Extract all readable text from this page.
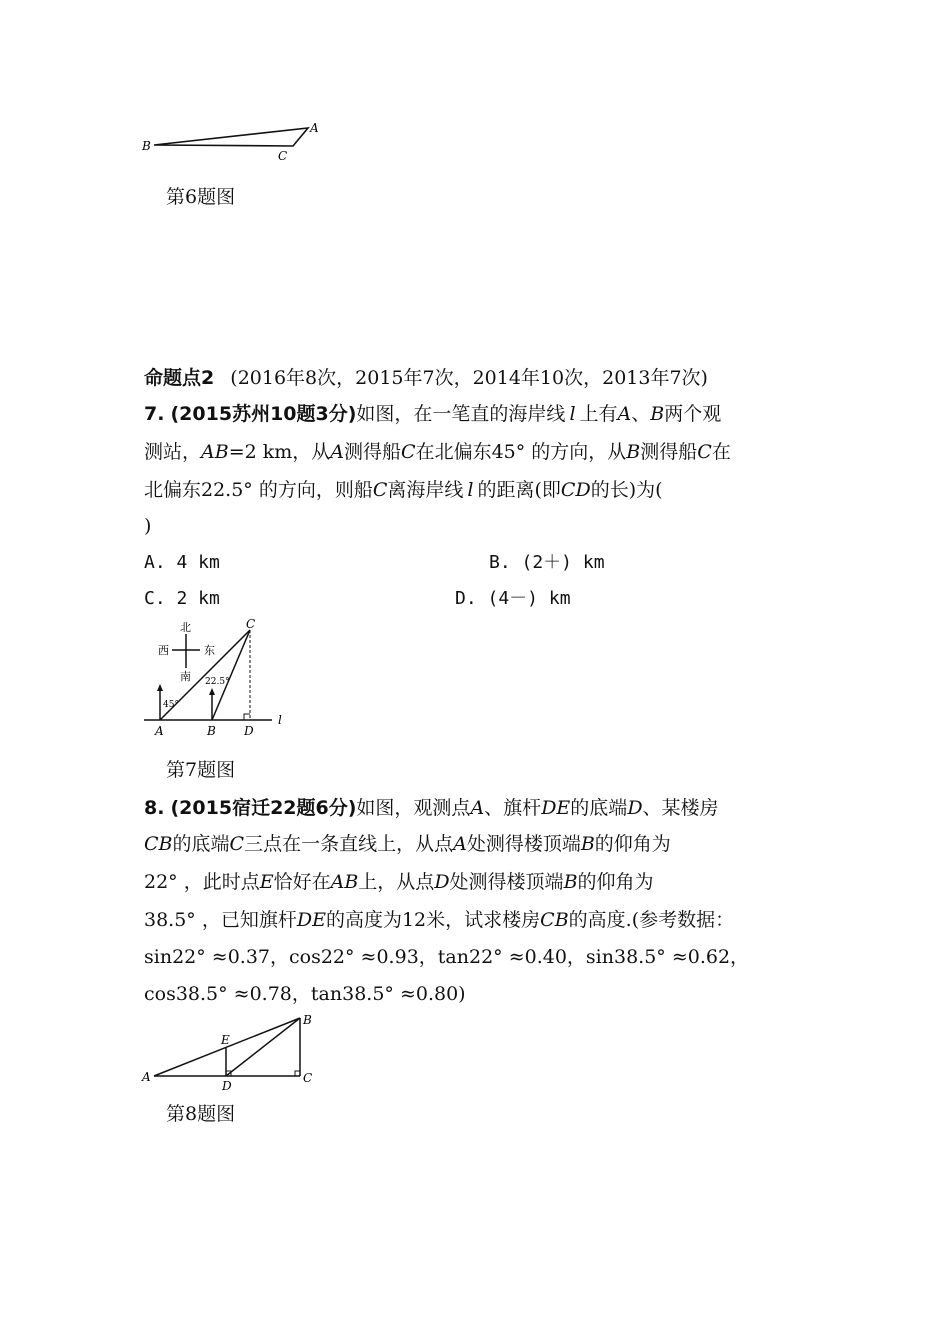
B
A
C
第6题图
命题点2 (2016年8次，2015年7次，2014年10次，2013年7次)
7. (2015苏州10题3分)如图，在一笔直的海岸线 l 上有A、B两个观
测站，AB=2 km，从A测得船C在北偏东45° 的方向，从B测得船C在
北偏东22.5° 的方向，则船C离海岸线 l 的距离(即CD的长)为(
)
A. 4 km	B. (2＋) km
C. 2 km	D. (4－) km
北
南
西	东
l
45°
22.5°
A	B D
C
第7题图
8. (2015宿迁22题6分)如图，观测点A、旗杆DE的底端D、某楼房
CB的底端C三点在一条直线上，从点A处测得楼顶端B的仰角为
22° ，此时点E恰好在AB上，从点D处测得楼顶端B的仰角为
38.5° ，已知旗杆DE的高度为12米，试求楼房CB的高度.(参考数据：
sin22° ≈0.37，cos22° ≈0.93，tan22° ≈0.40，sin38.5° ≈0.62，
cos38.5° ≈0.78，tan38.5° ≈0.80)
A
B
C
D
E
第8题图
